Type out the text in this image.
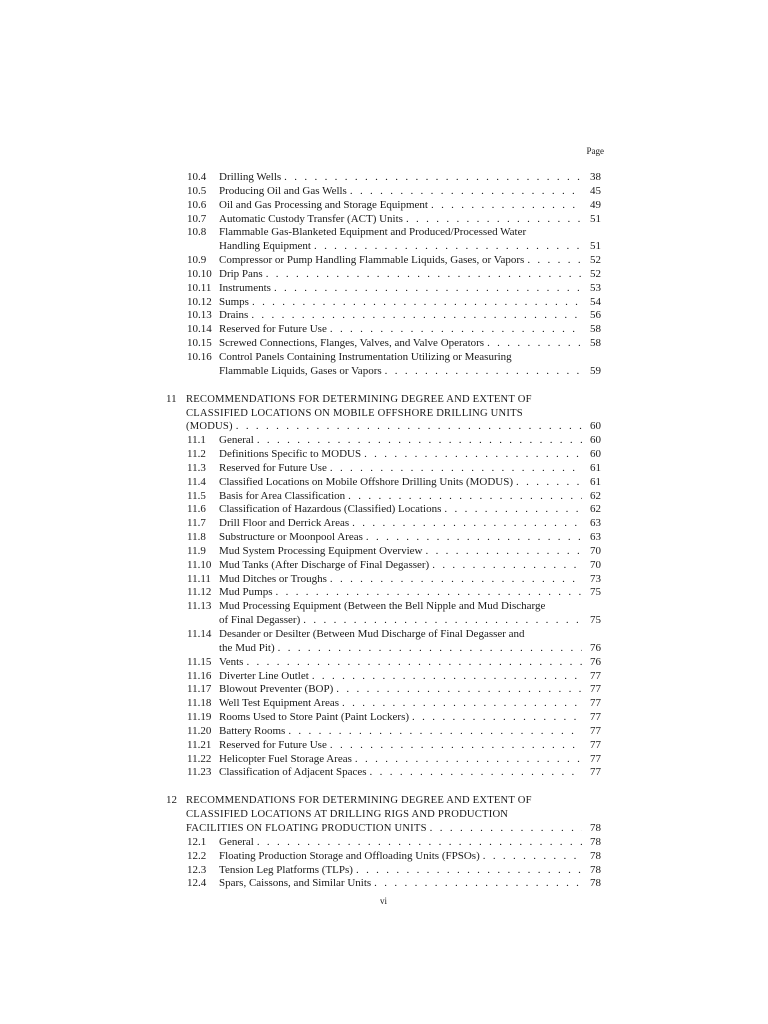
Page
10.4 Drilling Wells . . .	38
10.5 Producing Oil and Gas Wells . . .	45
10.6 Oil and Gas Processing and Storage Equipment . . .	49
10.7 Automatic Custody Transfer (ACT) Units . . .	51
10.8 Flammable Gas-Blanketed Equipment and Produced/Processed Water
Handling Equipment . . .	51
10.9 Compressor or Pump Handling Flammable Liquids, Gases, or Vapors . . .	52
10.10 Drip Pans . . .	52
10.11 Instruments . . .	53
10.12 Sumps . . .	54
10.13 Drains . . .	56
10.14 Reserved for Future Use . . .	58
10.15 Screwed Connections, Flanges, Valves, and Valve Operators . . .	58
10.16 Control Panels Containing Instrumentation Utilizing or Measuring
Flammable Liquids, Gases or Vapors . . .	59
11 RECOMMENDATIONS FOR DETERMINING DEGREE AND EXTENT OF
CLASSIFIED LOCATIONS ON MOBILE OFFSHORE DRILLING UNITS
(MODUS) . . .	60
11.1 General . . .	60
11.2 Definitions Specific to MODUS . . .	60
11.3 Reserved for Future Use . . .	61
11.4 Classified Locations on Mobile Offshore Drilling Units (MODUS) . . .	61
11.5 Basis for Area Classification . . .	62
11.6 Classification of Hazardous (Classified) Locations . . .	62
11.7 Drill Floor and Derrick Areas . . .	63
11.8 Substructure or Moonpool Areas . . .	63
11.9 Mud System Processing Equipment Overview . . .	70
11.10 Mud Tanks (After Discharge of Final Degasser) . . .	70
11.11 Mud Ditches or Troughs . . .	73
11.12 Mud Pumps . . .	75
11.13 Mud Processing Equipment (Between the Bell Nipple and Mud Discharge
of Final Degasser) . . .	75
11.14 Desander or Desilter (Between Mud Discharge of Final Degasser and
the Mud Pit) . . .	76
11.15 Vents . . .	76
11.16 Diverter Line Outlet . . .	77
11.17 Blowout Preventer (BOP) . . .	77
11.18 Well Test Equipment Areas . . .	77
11.19 Rooms Used to Store Paint (Paint Lockers) . . .	77
11.20 Battery Rooms . . .	77
11.21 Reserved for Future Use . . .	77
11.22 Helicopter Fuel Storage Areas . . .	77
11.23 Classification of Adjacent Spaces . . .	77
12 RECOMMENDATIONS FOR DETERMINING DEGREE AND EXTENT OF
CLASSIFIED LOCATIONS AT DRILLING RIGS AND PRODUCTION
FACILITIES ON FLOATING PRODUCTION UNITS . . .	78
12.1 General . . .	78
12.2 Floating Production Storage and Offloading Units (FPSOs) . . .	78
12.3 Tension Leg Platforms (TLPs) . . .	78
12.4 Spars, Caissons, and Similar Units . . .	78
vi
